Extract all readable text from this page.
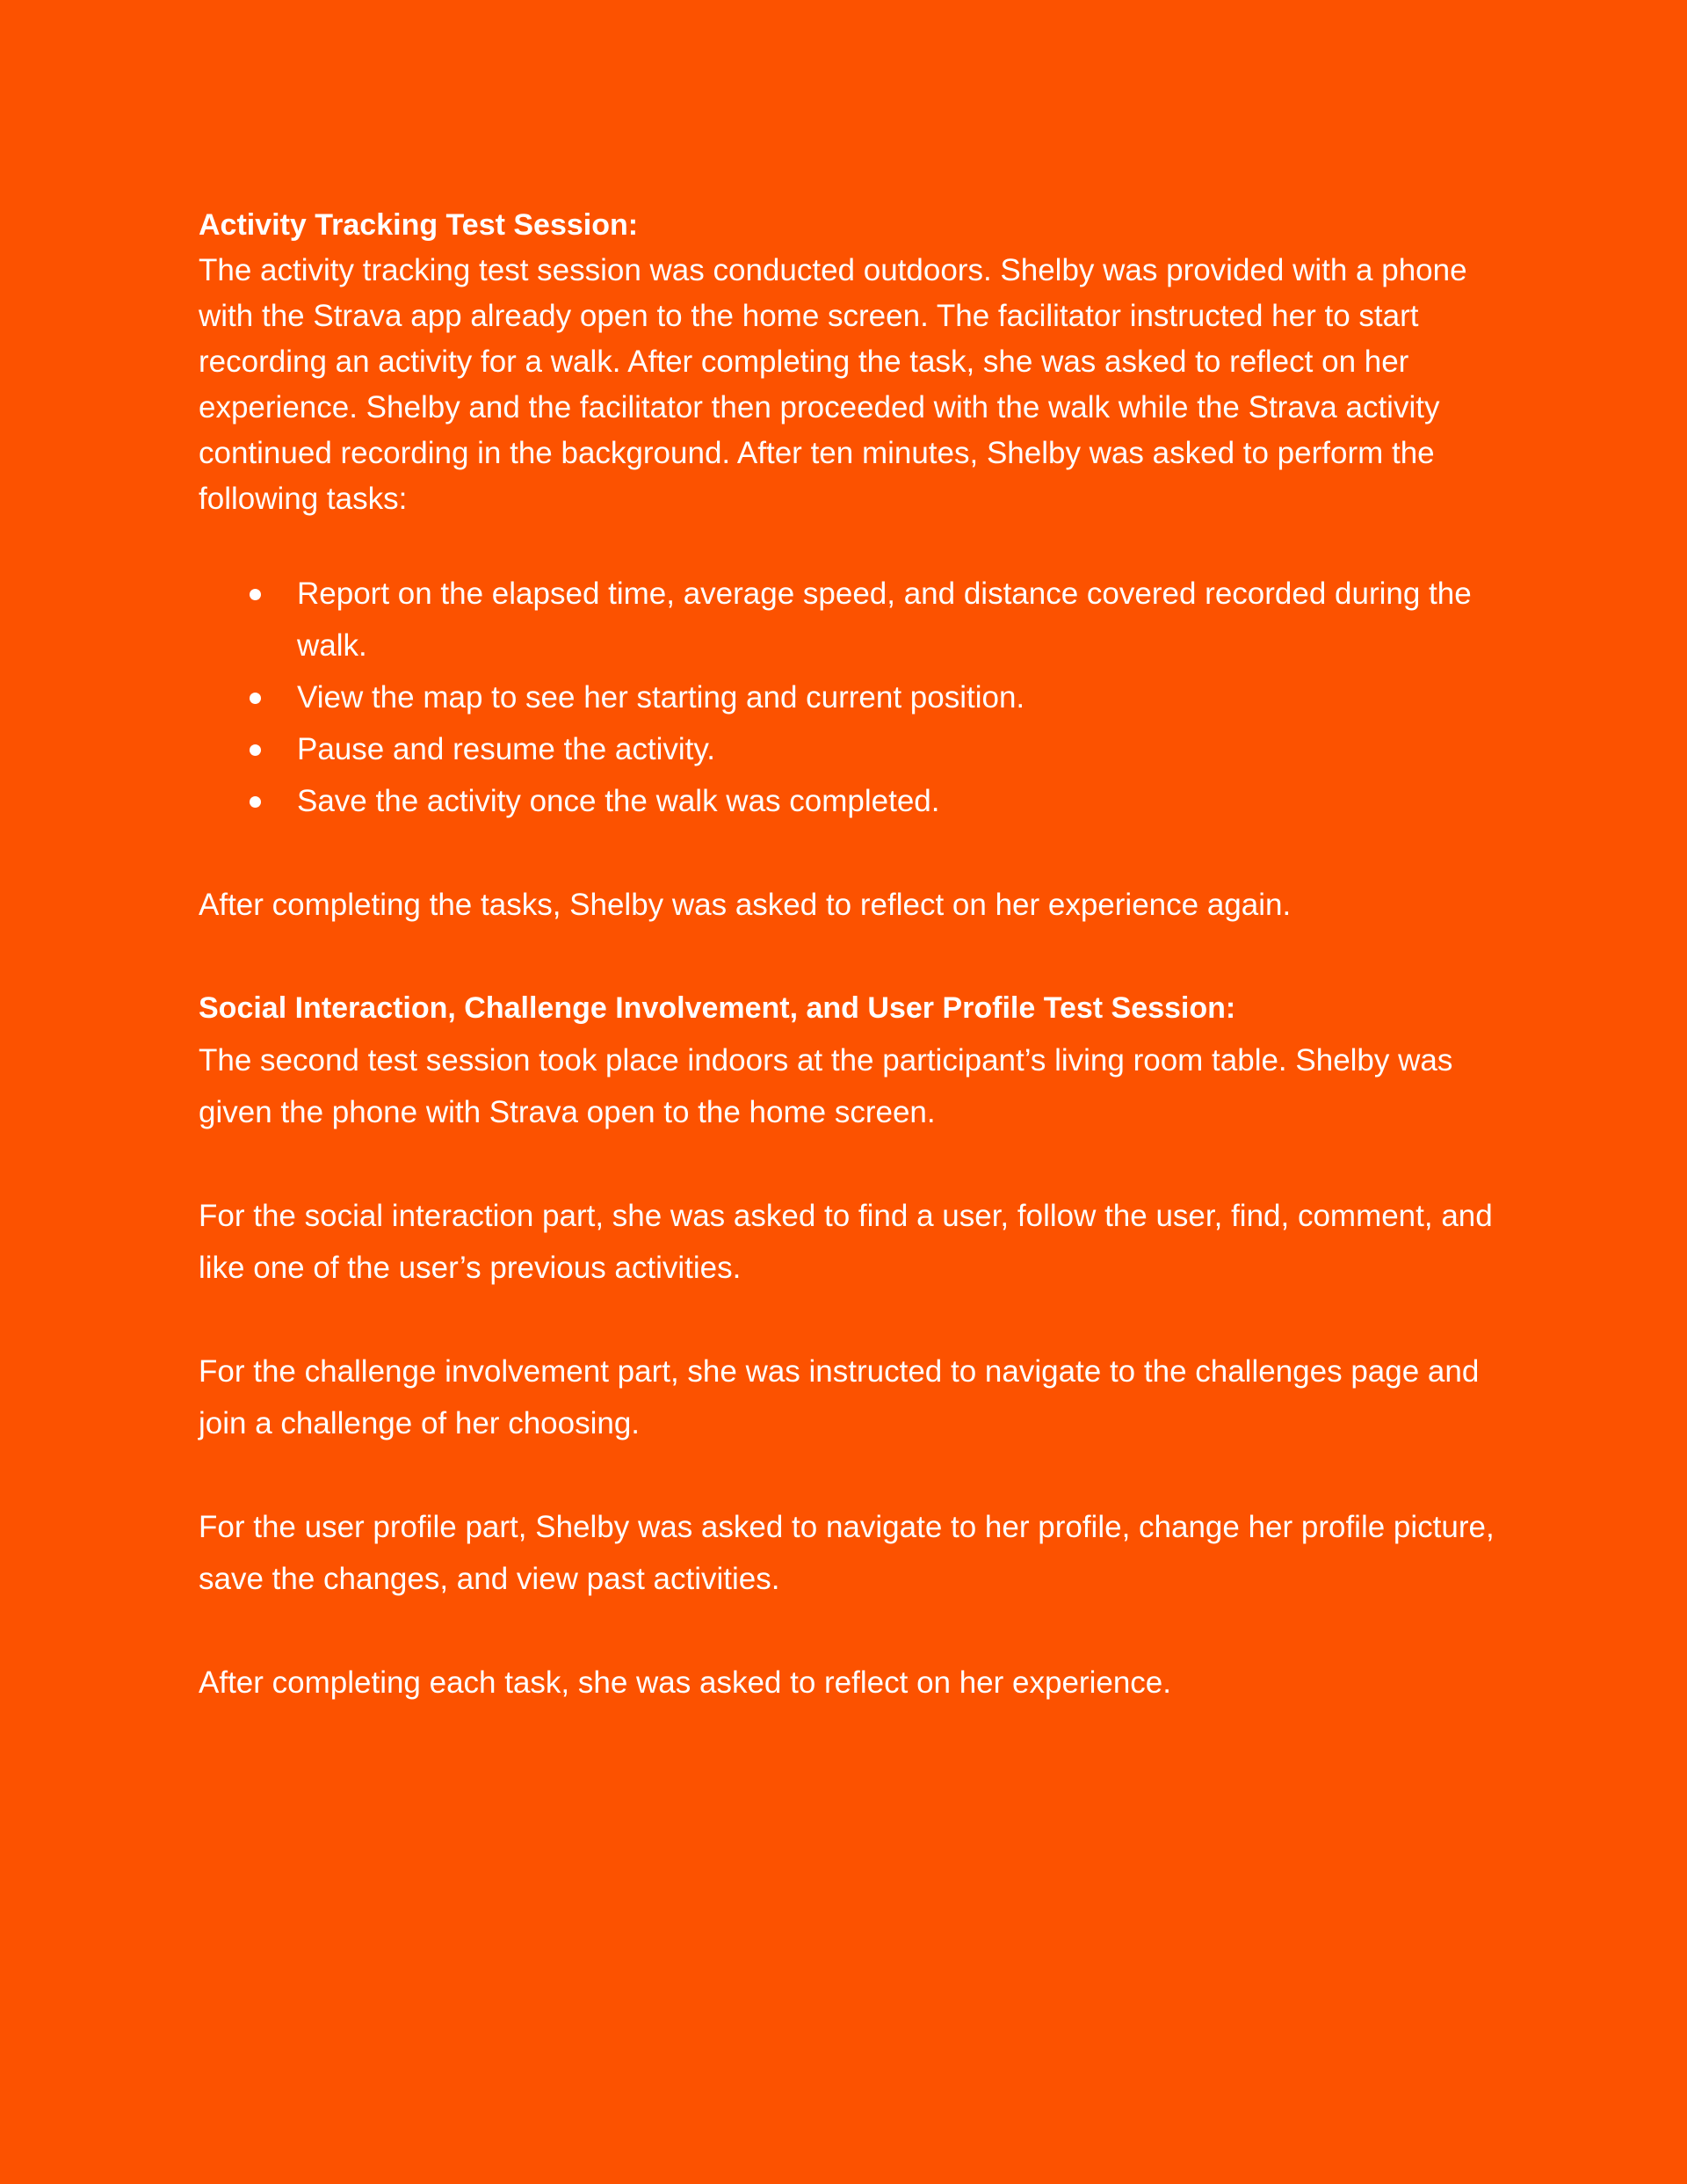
Activity Tracking Test Session:

The activity tracking test session was conducted outdoors. Shelby was provided with a phone with the Strava app already open to the home screen. The facilitator instructed her to start recording an activity for a walk. After completing the task, she was asked to reflect on her experience. Shelby and the facilitator then proceeded with the walk while the Strava activity continued recording in the background. After ten minutes, Shelby was asked to perform the following tasks:

Report on the elapsed time, average speed, and distance covered recorded during the walk.
View the map to see her starting and current position.
Pause and resume the activity.
Save the activity once the walk was completed.

After completing the tasks, Shelby was asked to reflect on her experience again.

Social Interaction, Challenge Involvement, and User Profile Test Session:

The second test session took place indoors at the participant’s living room table. Shelby was given the phone with Strava open to the home screen.

For the social interaction part, she was asked to find a user, follow the user, find, comment, and like one of the user’s previous activities.

For the challenge involvement part, she was instructed to navigate to the challenges page and join a challenge of her choosing.

For the user profile part, Shelby was asked to navigate to her profile, change her profile picture, save the changes, and view past activities.

After completing each task, she was asked to reflect on her experience.
